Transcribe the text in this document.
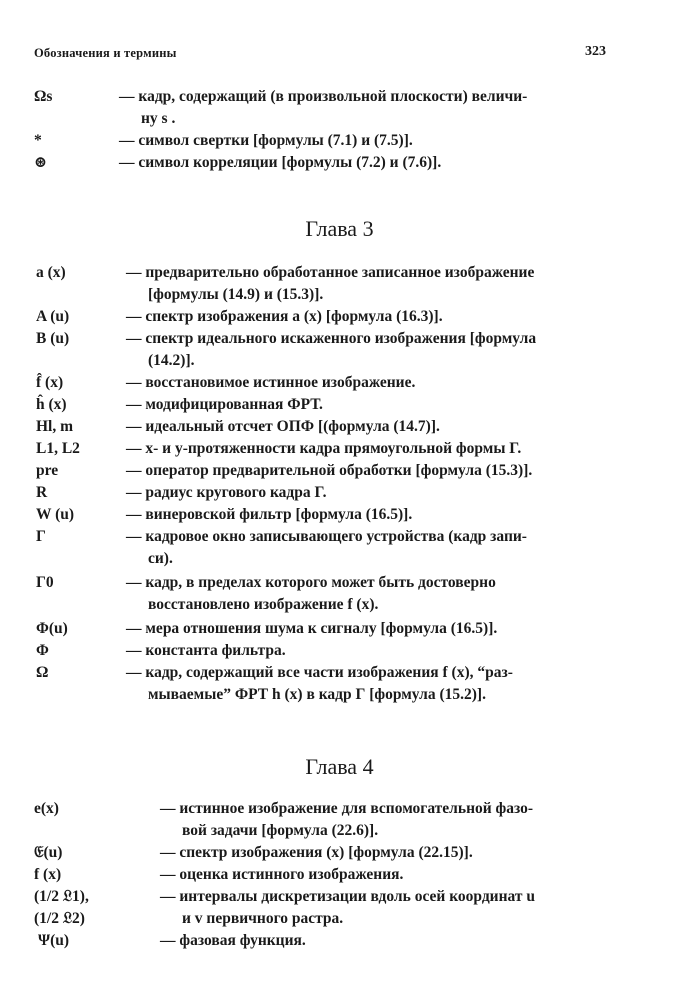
Обозначения и термины	323
Ωs	— кадр, содержащий (в произвольной плоскости) величи-
ну s .
*	— символ свертки [формулы (7.1) и (7.5)].
⊛	— символ корреляции [формулы (7.2) и (7.6)].
Глава 3
a (x)	— предварительно обработанное записанное изображение
[формулы (14.9) и (15.3)].
A (u)	— спектр изображения a (x) [формула (16.3)].
B (u)	— спектр идеального искаженного изображения [формула
(14.2)].
f̂ (x)	— восстановимое истинное изображение.
ĥ (x)	— модифицированная ФРТ.
Hl, m	— идеальный отсчет ОПФ [(формула (14.7)].
L1, L2	— x- и y-протяженности кадра прямоугольной формы Г.
pre	— оператор предварительной обработки [формула (15.3)].
R	— радиус кругового кадра Г.
W (u)	— винеровской фильтр [формула (16.5)].
Г	— кадровое окно записывающего устройства (кадр запи-
си).
Г0	— кадр, в пределах которого может быть достоверно
восстановлено изображение f (x).
Φ(u)	— мера отношения шума к сигналу [формула (16.5)].
Φ	— константа фильтра.
Ω	— кадр, содержащий все части изображения f (x), “раз-
мываемые” ФРТ h (x) в кадр Г [формула (15.2)].
Глава 4
e(x)	— истинное изображение для вспомогательной фазо-
вой задачи [формула (22.6)].
𝔈(u)	— спектр изображения (x) [формула (22.15)].
f (x)	— оценка истинного изображения.
(1/2 𝔏1),	— интервалы дискретизации вдоль осей координат u
(1/2 𝔏2)	и v первичного растра.
Ψ(u)	— фазовая функция.
